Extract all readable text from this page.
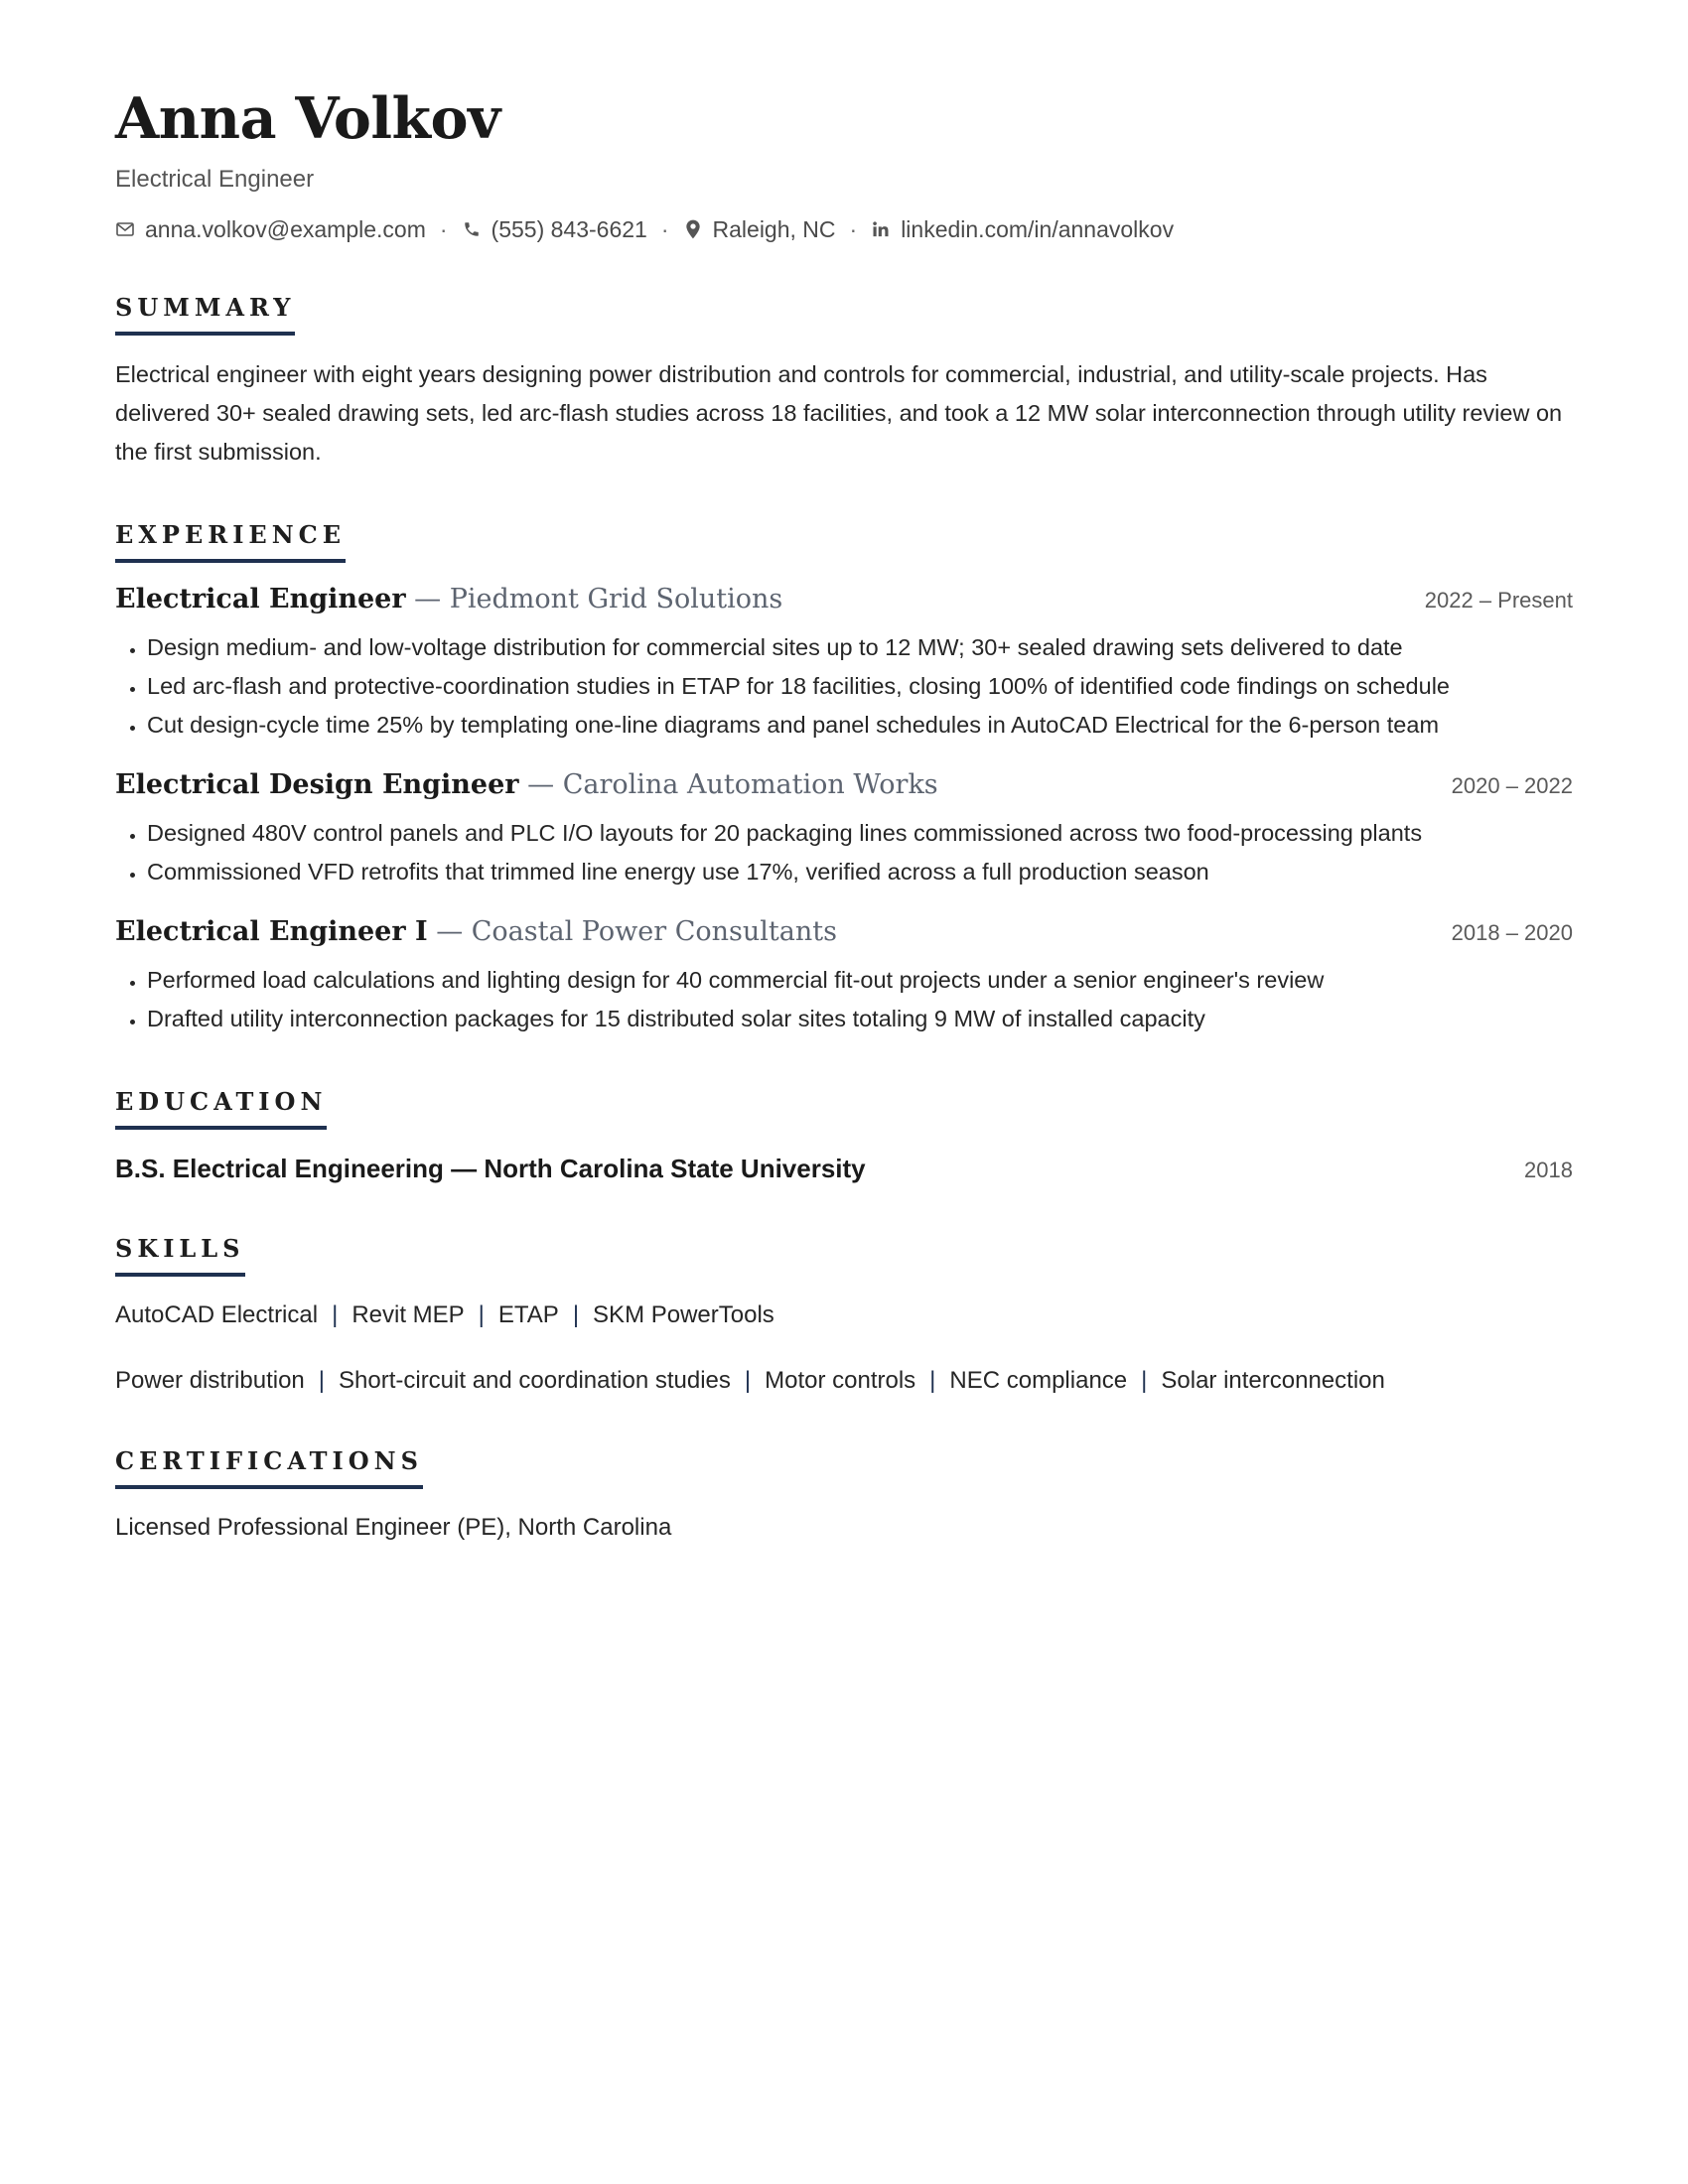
Anna Volkov
Electrical Engineer
anna.volkov@example.com · (555) 843-6621 · Raleigh, NC · linkedin.com/in/annavolkov
SUMMARY
Electrical engineer with eight years designing power distribution and controls for commercial, industrial, and utility-scale projects. Has delivered 30+ sealed drawing sets, led arc-flash studies across 18 facilities, and took a 12 MW solar interconnection through utility review on the first submission.
EXPERIENCE
Electrical Engineer — Piedmont Grid Solutions	2022 – Present
• Design medium- and low-voltage distribution for commercial sites up to 12 MW; 30+ sealed drawing sets delivered to date
• Led arc-flash and protective-coordination studies in ETAP for 18 facilities, closing 100% of identified code findings on schedule
• Cut design-cycle time 25% by templating one-line diagrams and panel schedules in AutoCAD Electrical for the 6-person team
Electrical Design Engineer — Carolina Automation Works	2020 – 2022
• Designed 480V control panels and PLC I/O layouts for 20 packaging lines commissioned across two food-processing plants
• Commissioned VFD retrofits that trimmed line energy use 17%, verified across a full production season
Electrical Engineer I — Coastal Power Consultants	2018 – 2020
• Performed load calculations and lighting design for 40 commercial fit-out projects under a senior engineer's review
• Drafted utility interconnection packages for 15 distributed solar sites totaling 9 MW of installed capacity
EDUCATION
B.S. Electrical Engineering — North Carolina State University	2018
SKILLS
AutoCAD Electrical | Revit MEP | ETAP | SKM PowerTools
Power distribution | Short-circuit and coordination studies | Motor controls | NEC compliance | Solar interconnection
CERTIFICATIONS
Licensed Professional Engineer (PE), North Carolina
